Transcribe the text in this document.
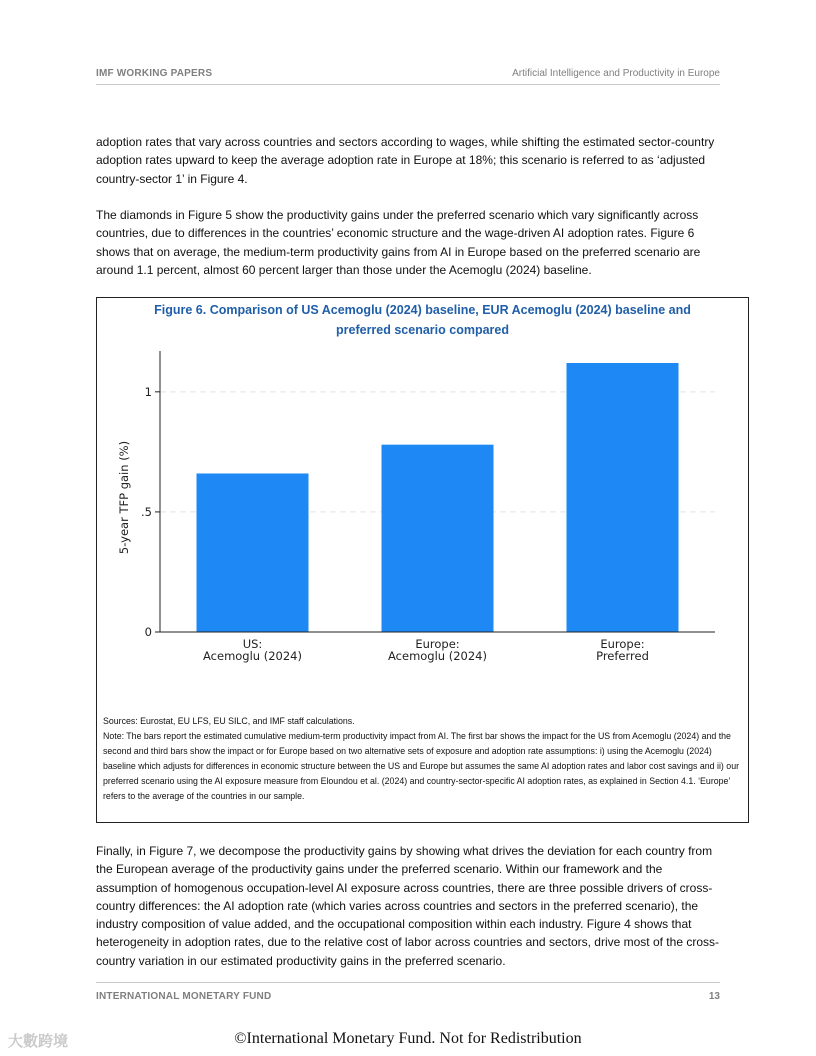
IMF WORKING PAPERS	Artificial Intelligence and Productivity in Europe

adoption rates that vary across countries and sectors according to wages, while shifting the estimated sector-country adoption rates upward to keep the average adoption rate in Europe at 18%; this scenario is referred to as ‘adjusted country-sector 1’ in Figure 4.

The diamonds in Figure 5 show the productivity gains under the preferred scenario which vary significantly across countries, due to differences in the countries’ economic structure and the wage-driven AI adoption rates. Figure 6 shows that on average, the medium-term productivity gains from AI in Europe based on the preferred scenario are around 1.1 percent, almost 60 percent larger than those under the Acemoglu (2024) baseline.

Figure 6. Comparison of US Acemoglu (2024) baseline, EUR Acemoglu (2024) baseline and
preferred scenario compared
US:
Acemoglu (2024)
Europe:
Acemoglu (2024)
Europe:
Preferred
0
.5
1
5-year TFP gain (%)
Sources: Eurostat, EU LFS, EU SILC, and IMF staff calculations.
Note: The bars report the estimated cumulative medium-term productivity impact from AI. The first bar shows the impact for the US from Acemoglu (2024) and the second and third bars show the impact or for Europe based on two alternative sets of exposure and adoption rate assumptions: i) using the Acemoglu (2024) baseline which adjusts for differences in economic structure between the US and Europe but assumes the same AI adoption rates and labor cost savings and ii) our preferred scenario using the AI exposure measure from Eloundou et al. (2024) and country-sector-specific AI adoption rates, as explained in Section 4.1. ‘Europe’ refers to the average of the countries in our sample.

Finally, in Figure 7, we decompose the productivity gains by showing what drives the deviation for each country from the European average of the productivity gains under the preferred scenario. Within our framework and the assumption of homogenous occupation-level AI exposure across countries, there are three possible drivers of cross-country differences: the AI adoption rate (which varies across countries and sectors in the preferred scenario), the industry composition of value added, and the occupational composition within each industry. Figure 4 shows that heterogeneity in adoption rates, due to the relative cost of labor across countries and sectors, drive most of the cross-country variation in our estimated productivity gains in the preferred scenario.

INTERNATIONAL MONETARY FUND	13
大數跨境	©International Monetary Fund. Not for Redistribution
